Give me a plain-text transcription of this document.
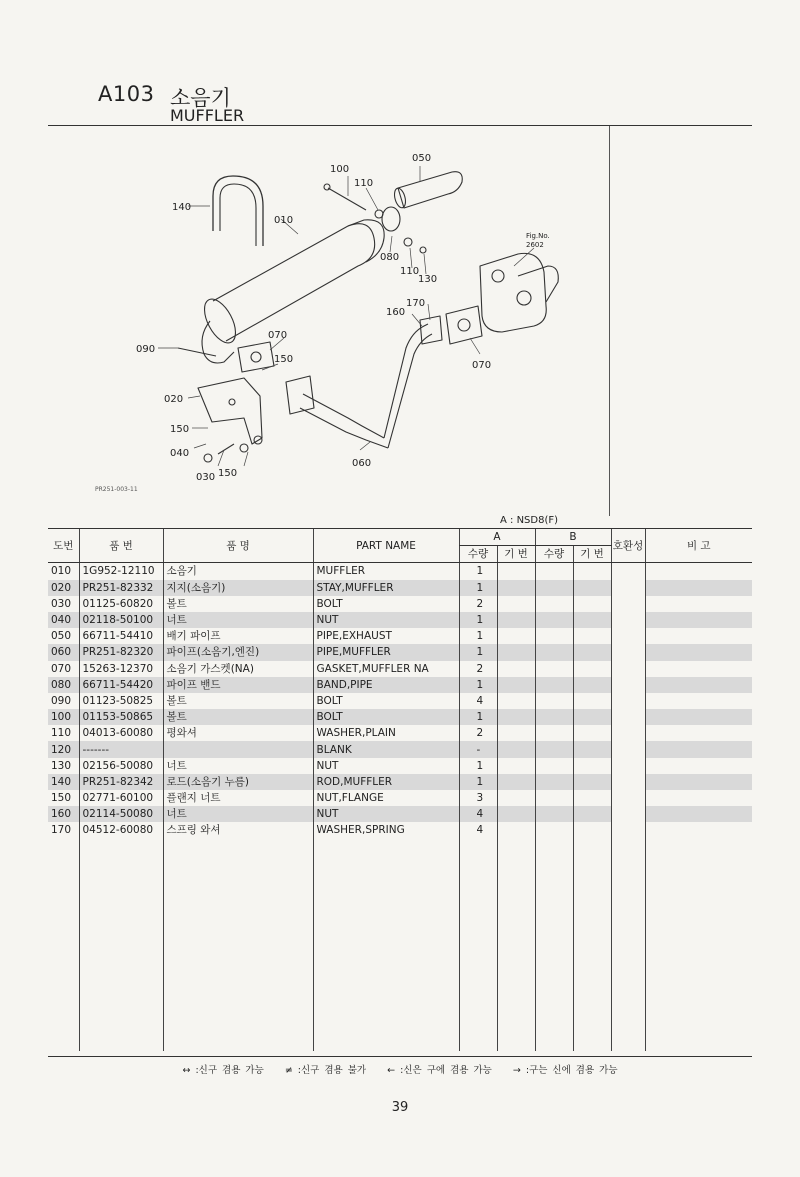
A103 소음기
MUFFLER
100
110
050
140
010
080
110
130
Fig.No.
2602
170
160
070
090
150
020
150
040
030 150
060
070
PR251-003-11
A : NSD8(F)
도번	품 번	품 명	PART NAME	A		B		호환성	비 고
				수량	기 번	수량	기 번		
010	1G952-12110	소음기	MUFFLER	1					
020	PR251-82332	지지(소음기)	STAY,MUFFLER	1					
030	01125-60820	볼트	BOLT	2					
040	02118-50100	너트	NUT	1					
050	66711-54410	배기 파이프	PIPE,EXHAUST	1					
060	PR251-82320	파이프(소음기,엔진)	PIPE,MUFFLER	1					
070	15263-12370	소음기 가스켓(NA)	GASKET,MUFFLER NA	2					
080	66711-54420	파이프 밴드	BAND,PIPE	1					
090	01123-50825	볼트	BOLT	4					
100	01153-50865	볼트	BOLT	1					
110	04013-60080	평와셔	WASHER,PLAIN	2					
120	-------		BLANK	-					
130	02156-50080	너트	NUT	1					
140	PR251-82342	로드(소음기 누름)	ROD,MUFFLER	1					
150	02771-60100	플랜지 너트	NUT,FLANGE	3					
160	02114-50080	너트	NUT	4					
170	04512-60080	스프링 와셔	WASHER,SPRING	4					

↔ :신구 겸용 가능 ≠ :신구 겸용 불가 ← :신은 구에 겸용 가능 → :구는 신에 겸용 가능
39
